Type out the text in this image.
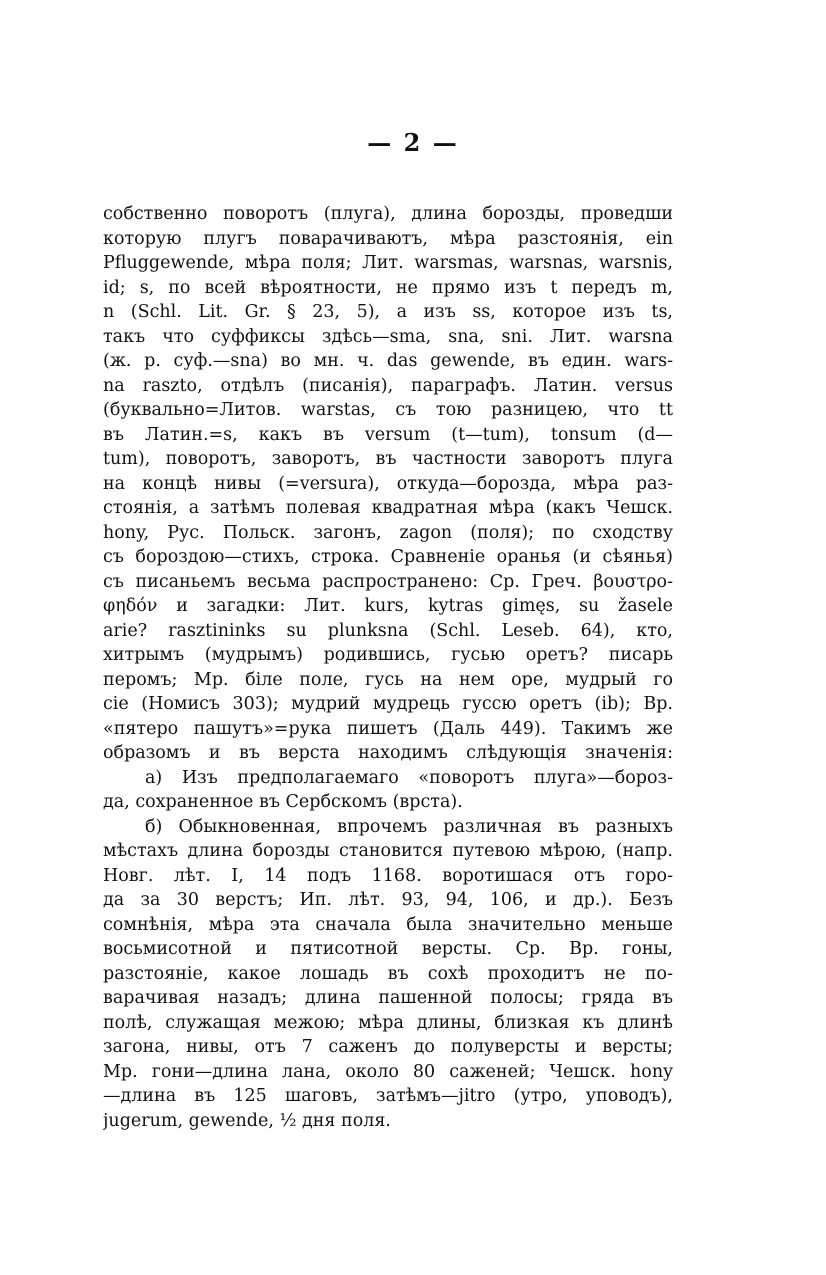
— 2 —
собственно поворотъ (плуга), длина борозды, проведши
которую плугъ поварачиваютъ, мѣра разстоянія, ein
Pfluggewende, мѣра поля; Лит. warsmas, warsnas, warsnis,
id; s, по всей вѣроятности, не прямо изъ t передъ m,
n (Schl. Lit. Gr. § 23, 5), а изъ ss, которое изъ ts,
такъ что суффиксы здѣсь—sma, sna, sni. Лит. warsna
(ж. р. суф.—sna) во мн. ч. das gewende, въ един. wars-
na raszto, отдѣлъ (писанія), параграфъ. Латин. versus
(буквально=Литов. warstas, съ тою разницею, что tt
въ Латин.=s, какъ въ versum (t—tum), tonsum (d—
tum), поворотъ, заворотъ, въ частности заворотъ плуга
на концѣ нивы (=versura), откуда—борозда, мѣра раз-
стоянія, а затѣмъ полевая квадратная мѣра (какъ Чешск.
hony, Рус. Польск. загонъ, zagon (поля); по сходству
съ бороздою—стихъ, строка. Сравненіе оранья (и сѣянья)
съ писаньемъ весьма распространено: Ср. Греч. βουστρο-
φηδόν и загадки: Лит. kurs, kytras gimęs, su žasele
arie? rasztininks su plunksna (Schl. Leseb. 64), кто,
хитрымъ (мудрымъ) родившись, гусью оретъ? писарь
перомъ; Мр. біле поле, гусь на нем оре, мудрый го
сіе (Номисъ 303); мудрий мудрець гуссю оретъ (ib); Вр.
«пятеро пашутъ»=рука пишетъ (Даль 449). Такимъ же
образомъ и въ верста находимъ слѣдующія значенія:
а) Изъ предполагаемаго «поворотъ плуга»—бороз-
да, сохраненное въ Сербскомъ (врста).
б) Обыкновенная, впрочемъ различная въ разныхъ
мѣстахъ длина борозды становится путевою мѣрою, (напр.
Новг. лѣт. I, 14 подъ 1168. воротишася отъ горо-
да за 30 верстъ; Ип. лѣт. 93, 94, 106, и др.). Безъ
сомнѣнія, мѣра эта сначала была значительно меньше
восьмисотной и пятисотной версты. Ср. Вр. гоны,
разстояніе, какое лошадь въ сохѣ проходитъ не по-
варачивая назадъ; длина пашенной полосы; гряда въ
полѣ, служащая межою; мѣра длины, близкая къ длинѣ
загона, нивы, отъ 7 саженъ до полуверсты и версты;
Мр. гони—длина лана, около 80 саженей; Чешск. hony
—длина въ 125 шаговъ, затѣмъ—jitro (утро, уповодъ),
jugerum, gewende, ½ дня поля.
